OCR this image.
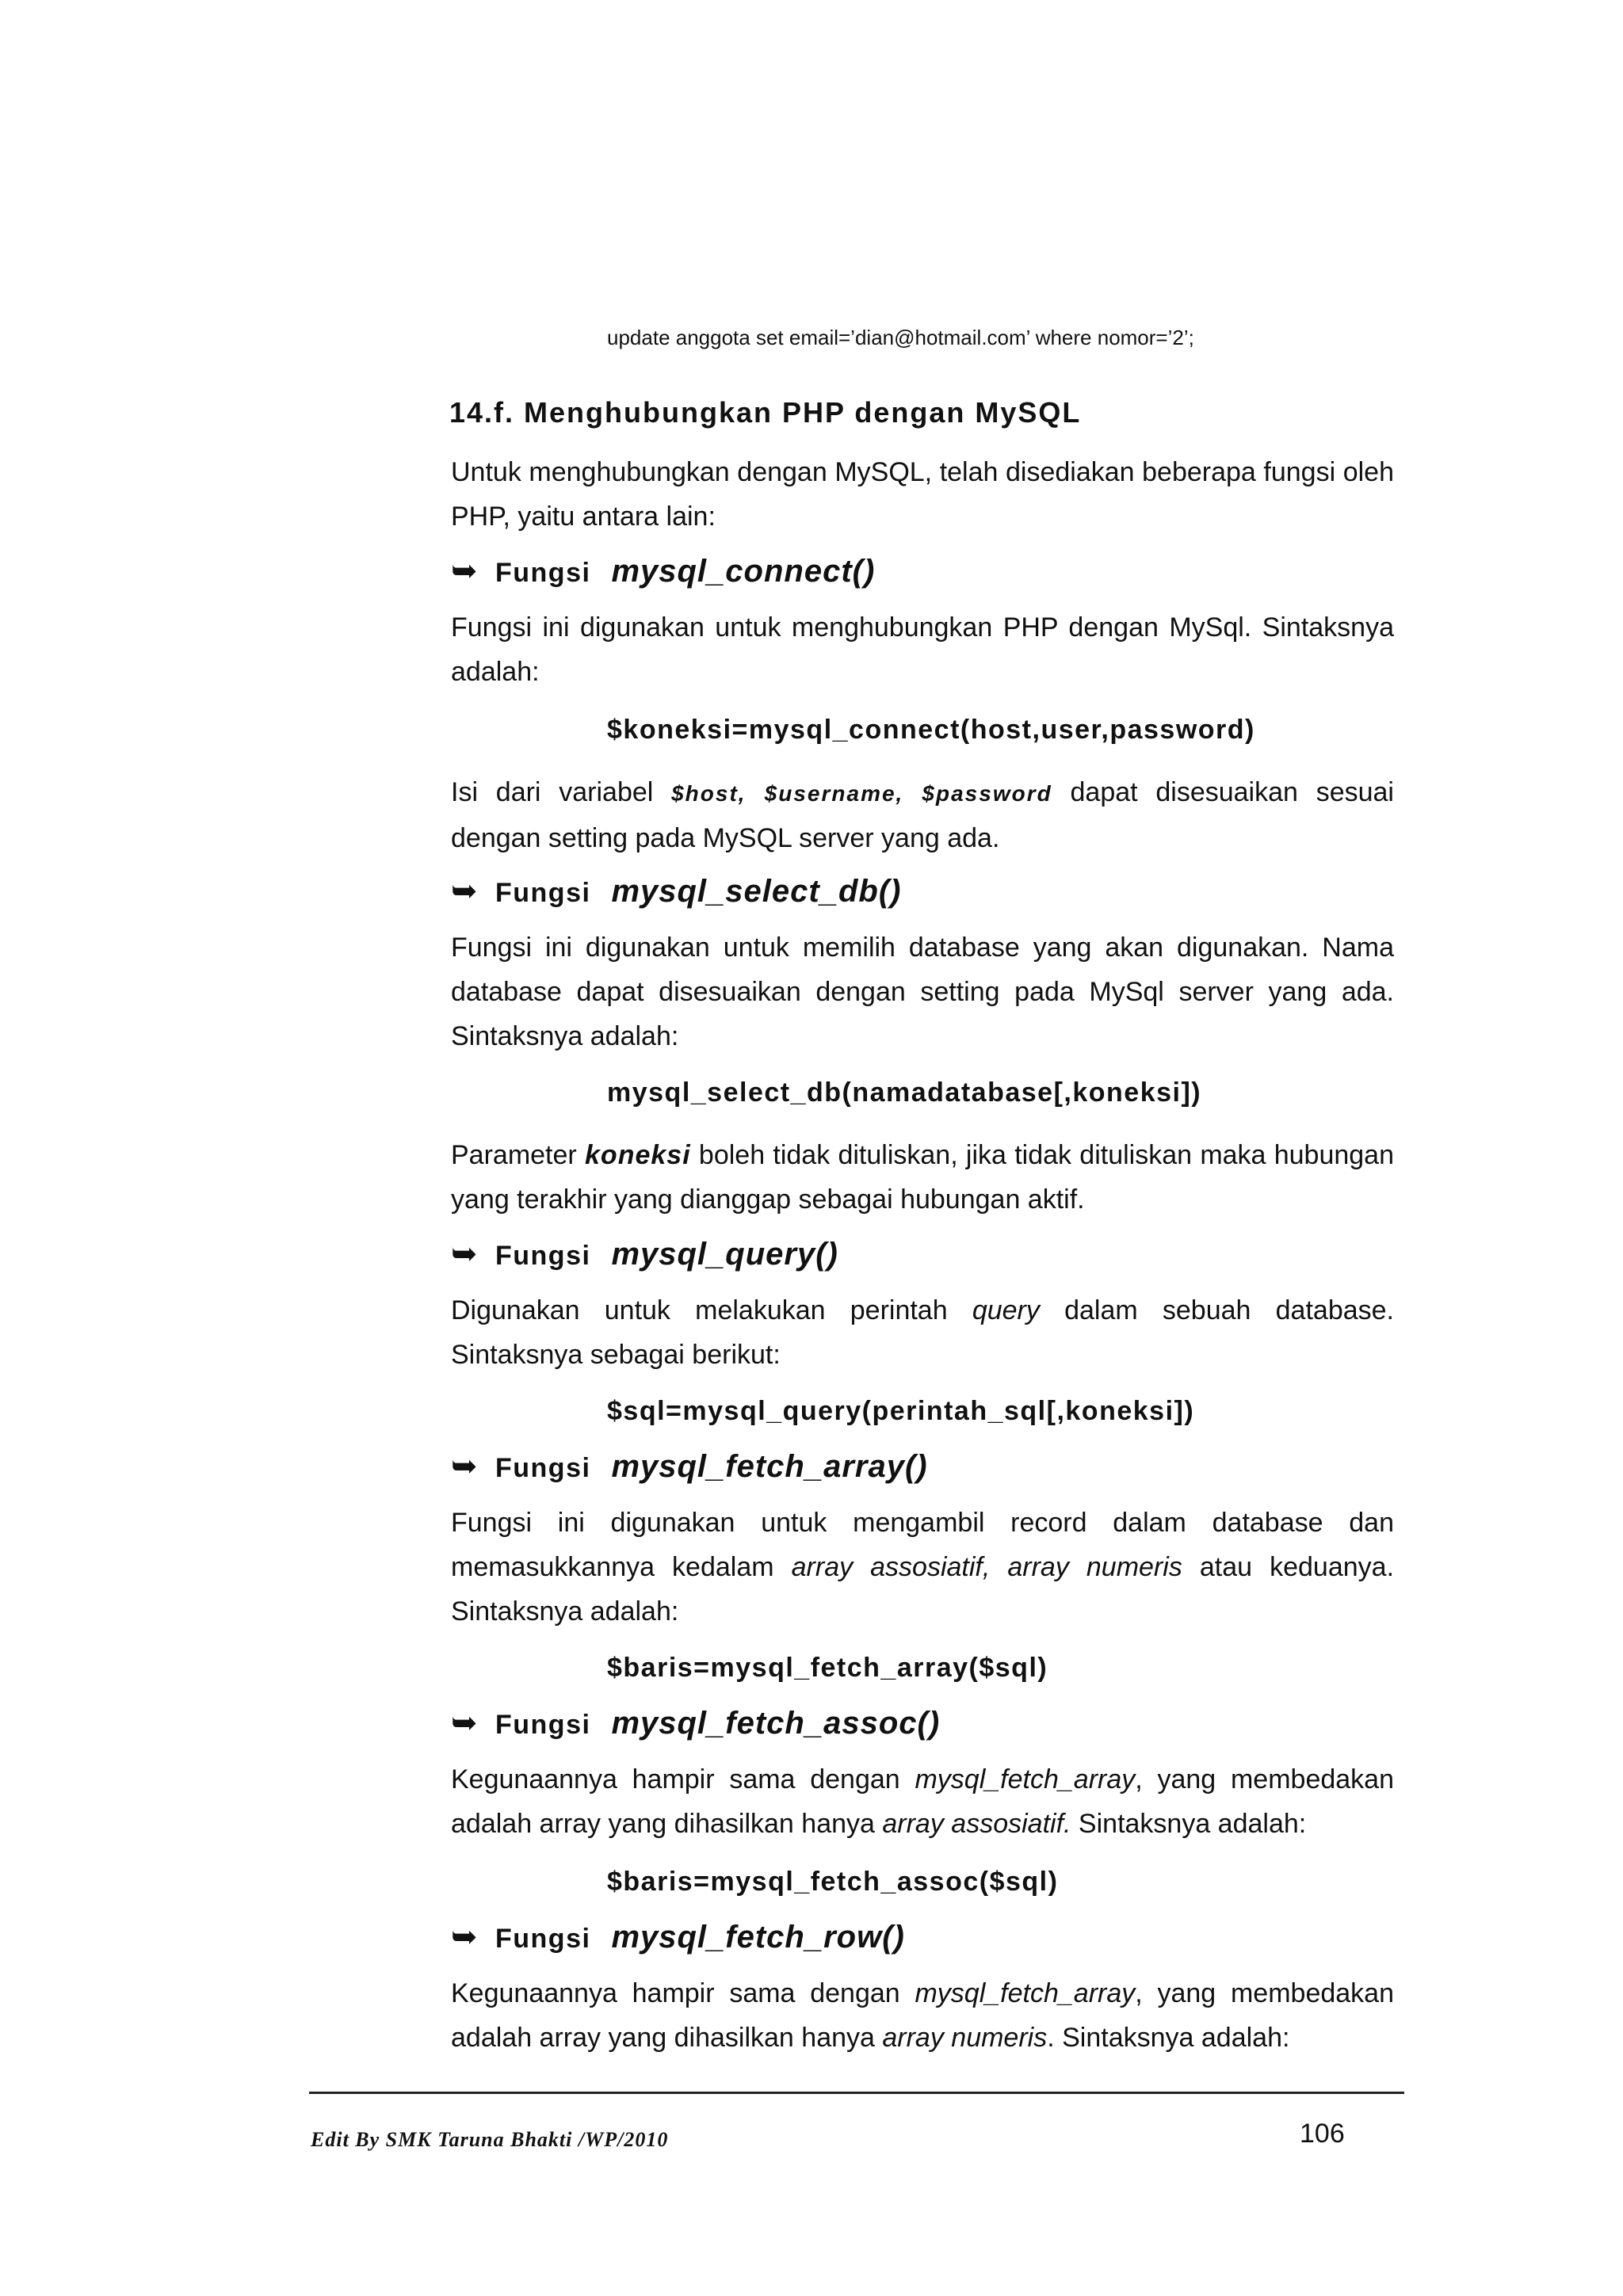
update anggota set email=’dian@hotmail.com’ where nomor=’2’;
14.f. Menghubungkan PHP dengan MySQL
Untuk menghubungkan dengan MySQL, telah disediakan beberapa fungsi oleh PHP, yaitu antara lain:
➥ Fungsi mysql_connect()
Fungsi ini digunakan untuk menghubungkan PHP dengan MySql. Sintaksnya adalah:
$koneksi=mysql_connect(host,user,password)
Isi dari variabel $host, $username, $password dapat disesuaikan sesuai dengan setting pada MySQL server yang ada.
➥ Fungsi mysql_select_db()
Fungsi ini digunakan untuk memilih database yang akan digunakan. Nama database dapat disesuaikan dengan setting pada MySql server yang ada. Sintaksnya adalah:
mysql_select_db(namadatabase[,koneksi])
Parameter koneksi boleh tidak dituliskan, jika tidak dituliskan maka hubungan yang terakhir yang dianggap sebagai hubungan aktif.
➥ Fungsi mysql_query()
Digunakan untuk melakukan perintah query dalam sebuah database. Sintaksnya sebagai berikut:
$sql=mysql_query(perintah_sql[,koneksi])
➥ Fungsi mysql_fetch_array()
Fungsi ini digunakan untuk mengambil record dalam database dan memasukkannya kedalam array assosiatif, array numeris atau keduanya. Sintaksnya adalah:
$baris=mysql_fetch_array($sql)
➥ Fungsi mysql_fetch_assoc()
Kegunaannya hampir sama dengan mysql_fetch_array, yang membedakan adalah array yang dihasilkan hanya array assosiatif. Sintaksnya adalah:
$baris=mysql_fetch_assoc($sql)
➥ Fungsi mysql_fetch_row()
Kegunaannya hampir sama dengan mysql_fetch_array, yang membedakan adalah array yang dihasilkan hanya array numeris. Sintaksnya adalah:
Edit By SMK Taruna Bhakti /WP/2010	106
